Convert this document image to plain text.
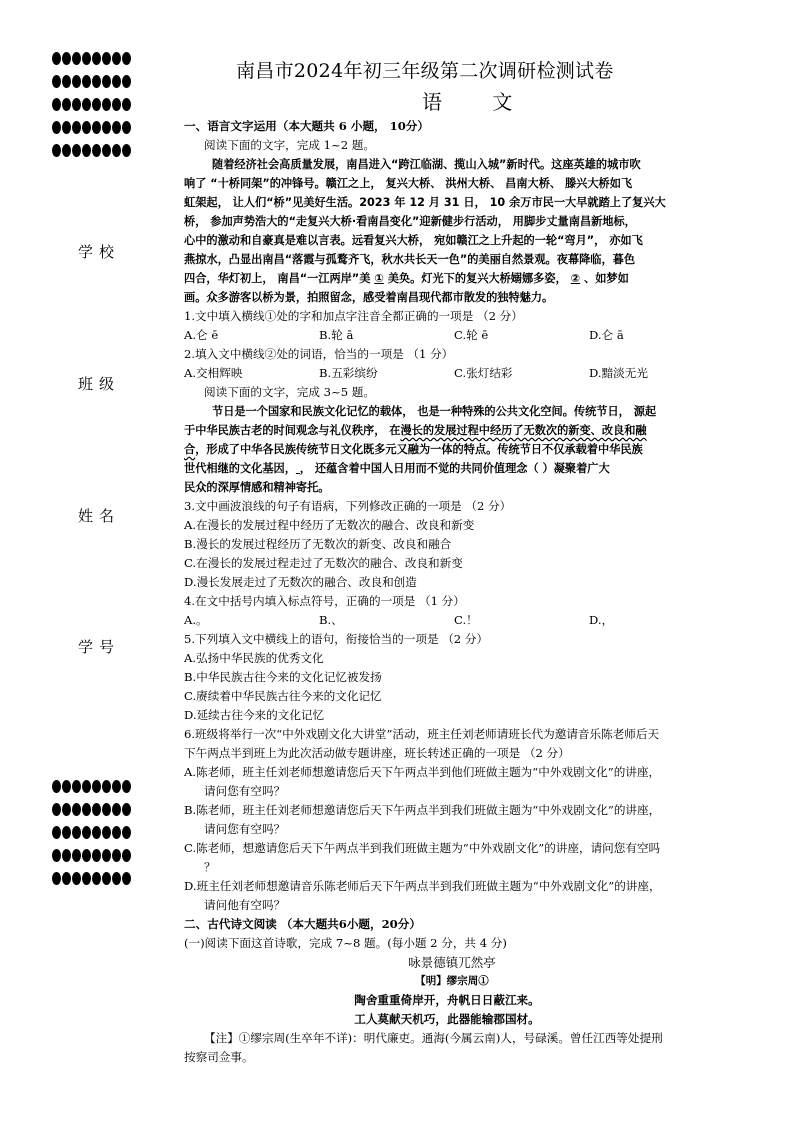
学校
班级
姓名
学号
南昌市2024年初三年级第二次调研检测试卷
语 文
一、语言文字运用（本大题共 6 小题， 10分）
阅读下面的文字，完成 1~2 题。
随着经济社会高质量发展，南昌进入“跨江临湖、揽山入城”新时代。这座英雄的城市吹
响了 “十桥同架”的冲锋号。赣江之上， 复兴大桥、 洪州大桥、 昌南大桥、 滕兴大桥如飞
虹架起， 让人们“桥”见美好生活。2023 年 12 月 31 日， 10 余万市民一大早就踏上了复兴大
桥， 参加声势浩大的“走复兴大桥·看南昌变化”迎新健步行活动， 用脚步丈量南昌新地标，
心中的激动和自豪真是难以言表。远看复兴大桥， 宛如赣江之上升起的一轮“弯月”， 亦如飞
燕掠水，凸显出南昌“落霞与孤鹜齐飞，秋水共长天一色”的美丽自然景观。夜幕降临，暮色
四合，华灯初上， 南昌“一江两岸”美 ① 美奂。灯光下的复兴大桥嫋娜多姿， ② 、如梦如
画。众多游客以桥为景，拍照留念，感受着南昌现代都市散发的独特魅力。
1.文中填入横线①处的字和加点字注音全都正确的一项是 （2 分）
A.仑 ē	B.轮 ā	C.轮 ē	D.仑 ā
2.填入文中横线②处的词语，恰当的一项是 （1 分）
A.交相辉映	B.五彩缤纷	C.张灯结彩	D.黯淡无光
阅读下面的文字，完成 3~5 题。
节日是一个国家和民族文化记忆的载体， 也是一种特殊的公共文化空间。传统节日， 源起
于中华民族古老的时间观念与礼仪秩序， 在漫长的发展过程中经历了无数次的新变、改良和融
合，形成了中华各民族传统节日文化既多元又融为一体的特点。传统节日不仅承载着中华民族
世代相继的文化基因， ， 还蕴含着中国人日用而不觉的共同价值理念（ ）凝聚着广大
民众的深厚情感和精神寄托。
3.文中画波浪线的句子有语病，下列修改正确的一项是 （2 分）
A.在漫长的发展过程中经历了无数次的融合、改良和新变
B.漫长的发展过程经历了无数次的新变、改良和融合
C.在漫长的发展过程走过了无数次的融合、改良和新变
D.漫长发展走过了无数次的融合、改良和创造
4.在文中括号内填入标点符号，正确的一项是 （1 分）
A.。	B.、	C.！	D.，
5.下列填入文中横线上的语句，衔接恰当的一项是 （2 分）
A.弘扬中华民族的优秀文化
B.中华民族古往今来的文化记忆被发扬
C.赓续着中华民族古往今来的文化记忆
D.延续古往今来的文化记忆
6.班级将举行一次“中外戏剧文化大讲堂”活动，班主任刘老师请班长代为邀请音乐陈老师后天
下午两点半到班上为此次活动做专题讲座，班长转述正确的一项是 （2 分）
A.陈老师，班主任刘老师想邀请您后天下午两点半到他们班做主题为“中外戏剧文化”的讲座，
请问您有空吗？
B.陈老师，班主任刘老师想邀请您后天下午两点半到我们班做主题为“中外戏剧文化”的讲座，
请问您有空吗？
C.陈老师，想邀请您后天下午两点半到我们班做主题为“中外戏剧文化”的讲座，请问您有空吗
？
D.班主任刘老师想邀请音乐陈老师后天下午两点半到我们班做主题为“中外戏剧文化”的讲座，
请问他有空吗？
二、古代诗文阅读 （本大题共6小题，20分）
(一)阅读下面这首诗歌，完成 7~8 题。(每小题 2 分，共 4 分)
咏景德镇兀然亭
【明】缪宗周①
陶舍重重倚岸开，舟帆日日蔽江来。
工人莫献天机巧，此器能输郡国材。
【注】①缪宗周(生卒年不详)：明代廉吏。通海(今属云南)人，号碌溪。曾任江西等处提刑
按察司佥事。
